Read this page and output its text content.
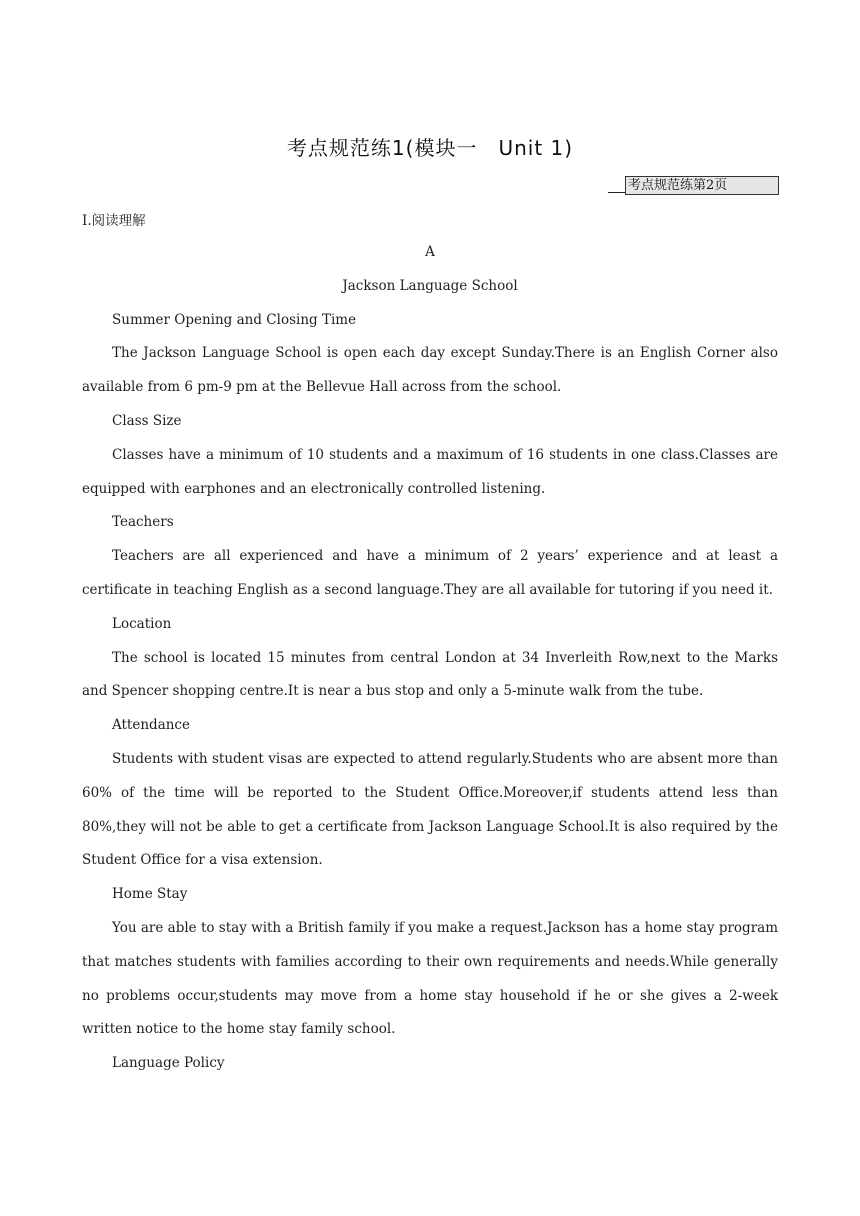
考点规范练1(模块一　Unit 1)
考点规范练第2页
Ⅰ.阅读理解

A

Jackson Language School

Summer Opening and Closing Time

The Jackson Language School is open each day except Sunday.There is an English Corner also available from 6 pm-9 pm at the Bellevue Hall across from the school.

Class Size

Classes have a minimum of 10 students and a maximum of 16 students in one class.Classes are equipped with earphones and an electronically controlled listening.

Teachers

Teachers are all experienced and have a minimum of 2 years’ experience and at least a certificate in teaching English as a second language.They are all available for tutoring if you need it.

Location

The school is located 15 minutes from central London at 34 Inverleith Row,next to the Marks and Spencer shopping centre.It is near a bus stop and only a 5-minute walk from the tube.

Attendance

Students with student visas are expected to attend regularly.Students who are absent more than 60% of the time will be reported to the Student Office.Moreover,if students attend less than 80%,they will not be able to get a certificate from Jackson Language School.It is also required by the Student Office for a visa extension.

Home Stay

You are able to stay with a British family if you make a request.Jackson has a home stay program that matches students with families according to their own requirements and needs.While generally no problems occur,students may move from a home stay household if he or she gives a 2-week written notice to the home stay family school.

Language Policy
